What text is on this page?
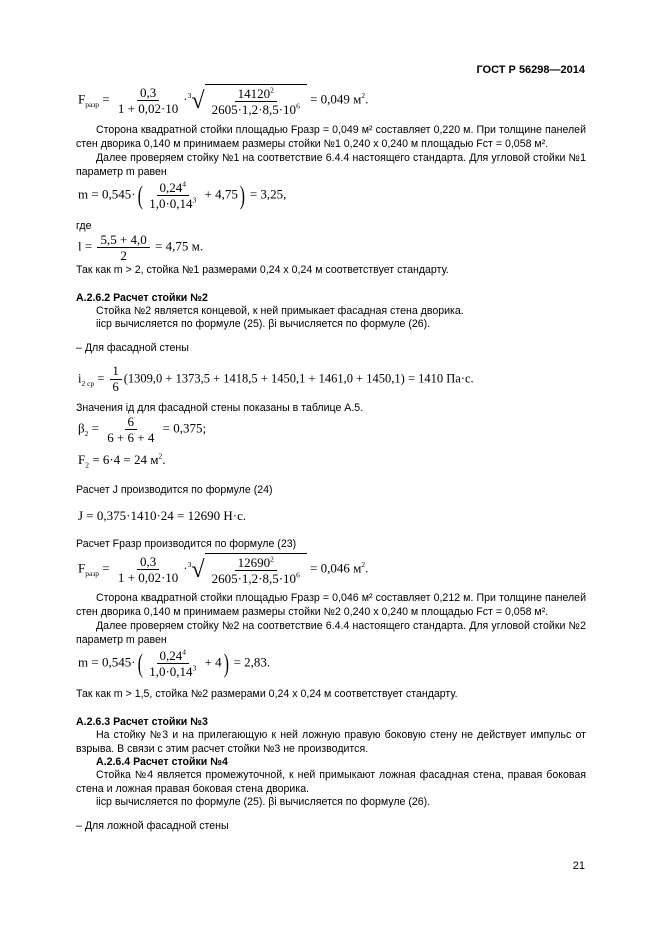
ГОСТ Р 56298—2014
$F_{разр} = \frac{0,3}{1 + 0,02\cdot 10} \cdot^3√ \frac{14120^2}{2605\cdot 1,2\cdot 8,5\cdot 10^6} = 0,049$ $м^2$.
Сторона квадратной стойки площадью Fразр = 0,049 м² составляет 0,220 м. При толщине панелей стен дворика 0,140 м принимаем размеры стойки №1 0,240 х 0,240 м площадью Fст = 0,058 м².
Далее проверяем стойку №1 на соответствие 6.4.4 настоящего стандарта. Для угловой стойки №1 параметр m равен
$m = 0,545\cdot( \frac{0,24^4}{1,0\cdot 0,14^3} + 4,75) = 3,25$,
где
$l = \frac{5,5 + 4,0}{2} = 4,75$ м.
Так как m > 2, стойка №1 размерами 0,24 х 0,24 м соответствует стандарту.
А.2.6.2 Расчет стойки №2
Стойка №2 является концевой, к ней примыкает фасадная стена дворика.
iiср вычисляется по формуле (25). βi вычисляется по формуле (26).
– Для фасадной стены
$i_{2 ср} = \frac{1}{6} (1309,0 + 1373,5 + 1418,5 + 1450,1 + 1461,0 + 1450,1) = 1410$ Па·с.
Значения iд для фасадной стены показаны в таблице А.5.
$\beta_2 = \frac{6}{6 + 6 + 4} = 0,375$;
$F_2 = 6\cdot 4 = 24$ $м^2$.
Расчет J производится по формуле (24)
J = 0,375·1410·24 = 12690 Н·с.
Расчет Fразр производится по формуле (23)
$F_{разр} = \frac{0,3}{1 + 0,02\cdot 10} \cdot^3√ \frac{12690^2}{2605\cdot 1,2\cdot 8,5\cdot 10^6} = 0,046$ $м^2$.
Сторона квадратной стойки площадью Fразр = 0,046 м² составляет 0,212 м. При толщине панелей стен дворика 0,140 м принимаем размеры стойки №2 0,240 х 0,240 м площадью Fст = 0,058 м².
Далее проверяем стойку №2 на соответствие 6.4.4 настоящего стандарта. Для угловой стойки №2 параметр m равен
$m = 0,545\cdot( \frac{0,24^4}{1,0\cdot 0,14^3} + 4) = 2,83$.
Так как m > 1,5, стойка №2 размерами 0,24 х 0,24 м соответствует стандарту.
А.2.6.3 Расчет стойки №3
На стойку №3 и на прилегающую к ней ложную правую боковую стену не действует импульс от взрыва. В связи с этим расчет стойки №3 не производится.
А.2.6.4 Расчет стойки №4
Стойка №4 является промежуточной, к ней примыкают ложная фасадная стена, правая боковая стена и ложная правая боковая стена дворика.
iiср вычисляется по формуле (25). βi вычисляется по формуле (26).
– Для ложной фасадной стены
21
